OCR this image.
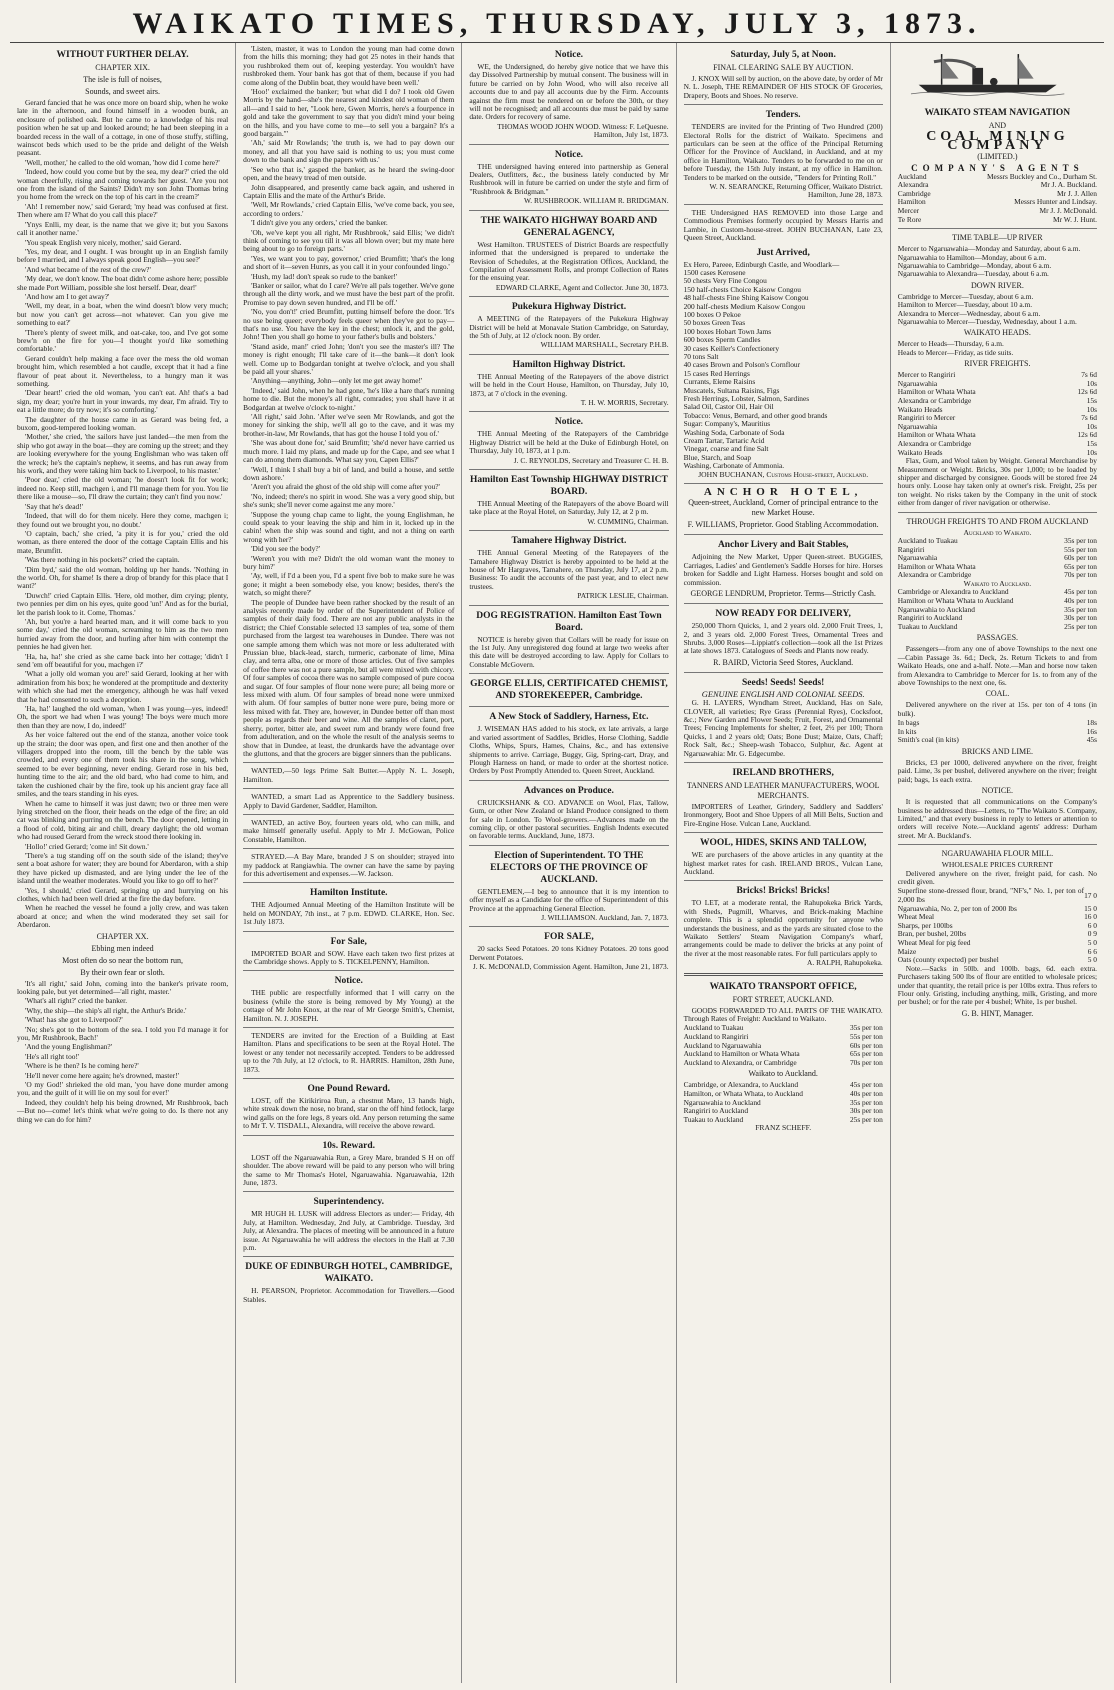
WAIKATO TIMES, THURSDAY, JULY 3, 1873.
WITHOUT FURTHER DELAY.
CHAPTER XIX.
The isle is full of noises,
Sounds, and sweet airs.

Gerard fancied that he was once more on board ship, when he woke late in the afternoon, and found himself in a wooden bunk, an enclosure of polished oak. But he came to a knowledge of his real position when he sat up and looked around; he had been sleeping in a boarded recess in the wall of a cottage, in one of those stuffy, stifling, wainscot beds which used to be the pride and delight of the Welsh peasant.

'Well, mother,' he called to the old woman, 'how did I come here?'

'Indeed, how could you come but by the sea, my dear?' cried the old woman cheerfully, rising and coming towards her guest. 'Are you not one from the island of the Saints? Didn't my son John Thomas bring you home from the wreck on the top of his cart in the cream?'

'Ah! I remember now,' said Gerard; 'my head was confused at first. Then where am I? What do you call this place?'

'Ynys Enlli, my dear, is the name that we give it; but you Saxons call it another name.'

'You speak English very nicely, mother,' said Gerard.

'Yes, my dear, and I ought. I was brought up in an English family before I married, and I always speak good English—you see?'

'And what became of the rest of the crew?'

'My dear, we don't know. The boat didn't come ashore here; possible she made Port William, possible she lost herself. Dear, dear!'

'And how am I to get away?'

'Well, my dear, in a boat, when the wind doesn't blow very much; but now you can't get across—not whatever. Can you give me something to eat?'

'There's plenty of sweet milk, and oat-cake, too, and I've got some brew'n on the fire for you—I thought you'd like something comfortable.'

Gerard couldn't help making a face over the mess the old woman brought him, which resembled a hot caudle, except that it had a fine flavour of peat about it. Nevertheless, to a hungry man it was something.

'Dear heart!' cried the old woman, 'you can't eat. Ah! that's a bad sign, my dear; you're hurt in your inwards, my dear, I'm afraid. Try to eat a little more; do try now; it's so comforting.'

The daughter of the house came in as Gerard was being fed, a buxom, good-tempered looking woman.

'Mother,' she cried, 'the sailors have just landed—the men from the ship who got away in the boat—they are coming up the street; and they are looking everywhere for the young Englishman who was taken off the wreck; he's the captain's nephew, it seems, and has run away from his work, and they were taking him back to Liverpool, to his master.'

'Poor dear,' cried the old woman; 'he doesn't look fit for work; indeed no. Keep still, machgen i, and I'll manage them for you. You lie there like a mouse—so, I'll draw the curtain; they can't find you now.'

'Say that he's dead!'

'Indeed, that will do for them nicely. Here they come, machgen i; they found out we brought you, no doubt.'

'O captain, bach,' she cried, 'a pity it is for you,' cried the old woman, as there entered the door of the cottage Captain Ellis and his mate, Brumfitt.

'Was there nothing in his pockets?' cried the captain.

'Dim byd,' said the old woman, holding up her hands. 'Nothing in the world. Oh, for shame! Is there a drop of brandy for this place that I want?'

'Duwch!' cried Captain Ellis. 'Here, old mother, dim crying; plenty, two pennies per dim on his eyes, quite good 'un!' And as for the burial, let the parish look to it. Come, Thomas.'

'Ah, but you're a hard hearted man, and it will come back to you some day,' cried the old woman, screaming to him as the two men hurried away from the door, and hurling after him with contempt the pennies he had given her.

'Ha, ha, ha!' she cried as she came back into her cottage; 'didn't I send 'em off beautiful for you, machgen i?'

'What a jolly old woman you are!' said Gerard, looking at her with admiration from his box; he wondered at the promptitude and dexterity with which she had met the emergency, although he was half vexed that he had consented to such a deception.

'Ha, ha!' laughed the old woman, 'when I was young—yes, indeed! Oh, the sport we had when I was young! The boys were much more then than they are now, I do, indeed!'

As her voice faltered out the end of the stanza, another voice took up the strain; the door was open, and first one and then another of the villagers dropped into the room, till the bench by the table was crowded, and every one of them took his share in the song, which seemed to be ever beginning, never ending. Gerard rose in his bed, hunting time to the air; and the old bard, who had come to him, and taken the cushioned chair by the fire, took up his ancient gray face all smiles, and the tears standing in his eyes.

When he came to himself it was just dawn; two or three men were lying stretched on the floor, their heads on the edge of the fire; an old cat was blinking and purring on the bench. The door opened, letting in a flood of cold, biting air and chill, dreary daylight; the old woman who had roused Gerard from the wreck stood there looking in.

'Hollo!' cried Gerard; 'come in! Sit down.'

'There's a tug standing off on the south side of the island; they've sent a boat ashore for water; they are bound for Aberdaron, with a ship they have picked up dismasted, and are lying under the lee of the island until the weather moderates. Would you like to go off to her?'

'Yes, I should,' cried Gerard, springing up and hurrying on his clothes, which had been well dried at the fire the day before.

When he reached the vessel he found a jolly crew, and was taken aboard at once; and when the wind moderated they set sail for Aberdaron.

CHAPTER XX.
Ebbing men indeed
Most often do so near the bottom run,
By their own fear or sloth.

'It's all right,' said John, coming into the banker's private room, looking pale, but yet determined—'all right, master.'

'What's all right?' cried the banker.

'Why, the ship—the ship's all right, the Arthur's Bride.'

'What! has she got to Liverpool?'

'No; she's got to the bottom of the sea. I told you I'd manage it for you, Mr Rushbrook, Bach!'

'And the young Englishman?'

'He's all right too!'

'Where is he then? Is he coming here?'

'He'll never come here again; he's drowned, master!'

'O my God!' shrieked the old man, 'you have done murder among you, and the guilt of it will lie on my soul for ever!'

Indeed, they couldn't help his being drowned, Mr Rushbrook, bach—But no—come! let's think what we're going to do. Is there not any thing we can do for him?

'Listen, master, it was to London the young man had come down from the hills this morning; they had got 25 notes in their hands that you rushbroked them out of, keeping yesterday. You wouldn't have rushbroked them. Your bank has got that of them, because if you had come along of the Dublin boat, they would have been well.'

'Hoo!' exclaimed the banker; 'but what did I do? I took old Gwen Morris by the hand—she's the nearest and kindest old woman of them all—and I said to her, "Look here, Gwen Morris, here's a fourpence in gold and take the government to say that you didn't mind your being on the hills, and you have come to me—to sell you a bargain? It's a good bargain."'

'Ah,' said Mr Rowlands; 'the truth is, we had to pay down our money, and all that you have said is nothing to us; you must come down to the bank and sign the papers with us.'

'See who that is,' gasped the banker, as he heard the swing-door open, and the heavy tread of men outside.

John disappeared, and presently came back again, and ushered in Captain Ellis and the mate of the Arthur's Bride.

'Well, Mr Rowlands,' cried Captain Ellis, 'we've come back, you see, according to orders.'

'I didn't give you any orders,' cried the banker.

'Oh, we've kept you all right, Mr Rushbrook,' said Ellis; 'we didn't think of coming to see you till it was all blown over; but my mate here being about to go to foreign parts.'

'Yes, we want you to pay, governor,' cried Brumfitt; 'that's the long and short of it—seven Hunrs, as you call it in your confounded lingo.'

'Hush, my lad! don't speak so rude to the banker!'

'Banker or sailor, what do I care? We're all pals together. We've gone through all the dirty work, and we must have the best part of the profit. Promise to pay down seven hundred, and I'll be off.'

'No, you don't!' cried Brumfitt, putting himself before the door. 'It's no use being queer; everybody feels queer when they've got to pay—that's no use. You have the key in the chest; unlock it, and the gold, John! Then you shall go home to your father's bulls and bolsters.'

'Stand aside, man!' cried John; 'don't you see the master's ill? The money is right enough; I'll take care of it—the bank—it don't look well. Come up to Bodgardan tonight at twelve o'clock, and you shall be paid all your shares.'

'Anything—anything, John—only let me get away home!'

'Indeed,' said John, when he had gone, 'he's like a hare that's running home to die. But the money's all right, comrades; you shall have it at Bodgardan at twelve o'clock to-night.'

'All right,' said John. 'After we've seen Mr Rowlands, and got the money for sinking the ship, we'll all go to the cave, and it was my brother-in-law, Mr Rowlands, that has got the house I told you of.'

'She was about done for,' said Brumfitt; 'she'd never have carried us much more. I laid my plans, and made up for the Cape, and see what I can do among them diamonds. What say you, Capen Ellis?'

'Well, I think I shall buy a bit of land, and build a house, and settle down ashore.'

'Aren't you afraid the ghost of the old ship will come after you?'

'No, indeed; there's no spirit in wood. She was a very good ship, but she's sunk; she'll never come against me any more.'

'Suppose the young chap came to light, the young Englishman, he could speak to your leaving the ship and him in it, locked up in the cabin! when the ship was sound and tight, and not a thing on earth wrong with her?'

'Did you see the body?'

'Weren't you with me? Didn't the old woman want the money to bury him?'

'Ay, well, if I'd a been you, I'd a spent five bob to make sure he was gone; it might a been somebody else, you know; besides, there's the watch, so might there?'

The people of Dundee have been rather shocked by the result of an analysis recently made by order of the Superintendent of Police of samples of their daily food. There are not any public analysts in the district; the Chief Constable selected 13 samples of tea, some of them purchased from the largest tea warehouses in Dundee. There was not one sample among them which was not more or less adulterated with Prussian blue, black-lead, starch, turmeric, carbonate of lime, Mina clay, and terra alba, one or more of those articles. Out of five samples of coffee there was not a pure sample, but all were mixed with chicory. Of four samples of cocoa there was no sample composed of pure cocoa and sugar. Of four samples of flour none were pure; all being more or less mixed with alum. Of four samples of bread none were unmixed with alum. Of four samples of butter none were pure, being more or less mixed with fat. They are, however, in Dundee better off than most people as regards their beer and wine. All the samples of claret, port, sherry, porter, bitter ale, and sweet rum and brandy were found free from adulteration, and on the whole the result of the analysis seems to show that in Dundee, at least, the drunkards have the advantage over the gluttons, and that the grocers are bigger sinners than the publicans.

WANTED,—50 legs Prime Salt Butter.—Apply N. L. Joseph, Hamilton.

WANTED, a smart Lad as Apprentice to the Saddlery business. Apply to David Gardener, Saddler, Hamilton.

WANTED, an active Boy, fourteen years old, who can milk, and make himself generally useful. Apply to Mr J. McGowan, Police Constable, Hamilton.

STRAYED.—A Bay Mare, branded J S on shoulder; strayed into my paddock at Rangiawhia. The owner can have the same by paying for this advertisement and expenses.—W. Jackson.

Hamilton Institute.

THE Adjourned Annual Meeting of the Hamilton Institute will be held on MONDAY, 7th inst., at 7 p.m. EDWD. CLARKE, Hon. Sec. 1st July 1873.

For Sale,

IMPORTED BOAR and SOW. Have each taken two first prizes at the Cambridge shows. Apply to S. TICKELPENNY, Hamilton.

Notice.

THE public are respectfully informed that I will carry on the business (while the store is being removed by My Young) at the cottage of Mr John Knox, at the rear of Mr George Smith's, Chemist, Hamilton. N. J. JOSEPH.

TENDERS are invited for the Erection of a Building at East Hamilton. Plans and specifications to be seen at the Royal Hotel. The lowest or any tender not necessarily accepted. Tenders to be addressed up to the 7th July, at 12 o'clock, to R. HARRIS. Hamilton, 28th June, 1873.

One Pound Reward.

LOST, off the Kirikiriroa Run, a chestnut Mare, 13 hands high, white streak down the nose, no brand, star on the off hind fetlock, large wind galls on the fore legs, 8 years old. Any person returning the same to Mr T. V. TISDALL, Alexandra, will receive the above reward.

10s. Reward.

LOST off the Ngaruawahia Run, a Grey Mare, branded S H on off shoulder. The above reward will be paid to any person who will bring the same to Mr Thomas's Hotel, Ngaruawahia. Ngaruawahia, 12th June, 1873.

Superintendency.

MR HUGH H. LUSK will address Electors as under:— Friday, 4th July, at Hamilton. Wednesday, 2nd July, at Cambridge. Tuesday, 3rd July, at Alexandra. The places of meeting will be announced in a future issue. At Ngaruawahia he will address the electors in the Hall at 7.30 p.m.

DUKE OF EDINBURGH HOTEL, CAMBRIDGE, WAIKATO.

H. PEARSON, Proprietor. Accommodation for Travellers.—Good Stables.

Notice.

WE, the Undersigned, do hereby give notice that we have this day Dissolved Partnership by mutual consent. The business will in future be carried on by John Wood, who will also receive all accounts due to and pay all accounts due by the Firm. Accounts against the firm must be rendered on or before the 30th, or they will not be recognised; and all accounts due must be paid by same date. Orders for recovery of same.

THOMAS WOOD JOHN WOOD. Witness: F. LeQuesne. Hamilton, July 1st, 1873.
Notice.

THE undersigned having entered into partnership as General Dealers, Outfitters, &c., the business lately conducted by Mr Rushbrook will in future be carried on under the style and firm of "Rushbrook & Bridgman."

W. RUSHBROOK. WILLIAM R. BRIDGMAN.
THE WAIKATO HIGHWAY BOARD AND GENERAL AGENCY,

West Hamilton. TRUSTEES of District Boards are respectfully informed that the undersigned is prepared to undertake the Revision of Schedules, at the Registration Offices, Auckland, the Compilation of Assessment Rolls, and prompt Collection of Rates for the ensuing year.

EDWARD CLARKE, Agent and Collector. June 30, 1873.
Pukekura Highway District.

A MEETING of the Ratepayers of the Pukekura Highway District will be held at Monavale Station Cambridge, on Saturday, the 5th of July, at 12 o'clock noon. By order.

WILLIAM MARSHALL, Secretary P.H.B.
Hamilton Highway District.

THE Annual Meeting of the Ratepayers of the above district will be held in the Court House, Hamilton, on Thursday, July 10, 1873, at 7 o'clock in the evening.

T. H. W. MORRIS, Secretary.
Notice.

THE Annual Meeting of the Ratepayers of the Cambridge Highway District will be held at the Duke of Edinburgh Hotel, on Thursday, July 10, 1873, at 1 p.m.

J. C. REYNOLDS, Secretary and Treasurer C. H. B.
Hamilton East Township HIGHWAY DISTRICT BOARD.

THE Annual Meeting of the Ratepayers of the above Board will take place at the Royal Hotel, on Saturday, July 12, at 2 p m.

W. CUMMING, Chairman.
Tamahere Highway District.

THE Annual General Meeting of the Ratepayers of the Tamahere Highway District is hereby appointed to be held at the house of Mr Hargraves, Tamahere, on Thursday, July 17, at 2 p.m. Business: To audit the accounts of the past year, and to elect new trustees.

PATRICK LESLIE, Chairman.
DOG REGISTRATION. Hamilton East Town Board.

NOTICE is hereby given that Collars will be ready for issue on the 1st July. Any unregistered dog found at large two weeks after this date will be destroyed according to law. Apply for Collars to Constable McGovern.

GEORGE ELLIS, CERTIFICATED CHEMIST, AND STOREKEEPER, Cambridge.
A New Stock of Saddlery, Harness, Etc.

J. WISEMAN HAS added to his stock, ex late arrivals, a large and varied assortment of Saddles, Bridles, Horse Clothing, Saddle Cloths, Whips, Spurs, Hames, Chains, &c., and has extensive shipments to arrive. Carriage, Buggy, Gig, Spring-cart, Dray, and Plough Harness on hand, or made to order at the shortest notice. Orders by Post Promptly Attended to. Queen Street, Auckland.

Advances on Produce.

CRUICKSHANK & CO. ADVANCE on Wool, Flax, Tallow, Gum, or other New Zealand or Island Produce consigned to them for sale in London. To Wool-growers.—Advances made on the coming clip, or other pastoral securities. English Indents executed on favorable terms. Auckland, June, 1873.

Election of Superintendent. TO THE ELECTORS OF THE PROVINCE OF AUCKLAND.

GENTLEMEN,—I beg to announce that it is my intention to offer myself as a Candidate for the office of Superintendent of this Province at the approaching General Election.

J. WILLIAMSON. Auckland, Jan. 7, 1873.
FOR SALE,

20 sacks Seed Potatoes. 20 tons Kidney Potatoes. 20 tons good Derwent Potatoes.

J. K. McDONALD, Commission Agent. Hamilton, June 21, 1873.
Saturday, July 5, at Noon.
FINAL CLEARING SALE BY AUCTION.

J. KNOX Will sell by auction, on the above date, by order of Mr N. L. Joseph, THE REMAINDER OF HIS STOCK OF Groceries, Drapery, Boots and Shoes. No reserve.

Tenders.

TENDERS are invited for the Printing of Two Hundred (200) Electoral Rolls for the district of Waikato. Specimens and particulars can be seen at the office of the Principal Returning Officer for the Province of Auckland, in Auckland, and at my office in Hamilton, Waikato. Tenders to be forwarded to me on or before Tuesday, the 15th July instant, at my office in Hamilton. Tenders to be marked on the outside, "Tenders for Printing Roll."

W. N. SEARANCKE, Returning Officer, Waikato District. Hamilton, June 28, 1873.

THE Undersigned HAS REMOVED into those Large and Commodious Premises formerly occupied by Messrs Harris and Lambie, in Custom-house-street. JOHN BUCHANAN, Late 23, Queen Street, Auckland.

Just Arrived,
Ex Hero, Pareee, Edinburgh Castle, and Woodlark—
1500 cases Kerosene
50 chests Very Fine Congou
150 half-chests Choice Kaisow Congou
48 half-chests Fine Shing Kaisow Congou
200 half-chests Medium Kaisow Congou
100 boxes O Pekoe
50 boxes Green Teas
100 boxes Hobart Town Jams
600 boxes Sperm Candles
30 cases Keiller's Confectionery
70 tons Salt
40 cases Brown and Polson's Cornflour
15 cases Red Herrings
Currants, Eleme Raisins
Muscatels, Sultana Raisins, Figs
Fresh Herrings, Lobster, Salmon, Sardines
Salad Oil, Castor Oil, Hair Oil
Tobacco: Venus, Bernard, and other good brands
Sugar: Company's, Mauritius
Washing Soda, Carbonate of Soda
Cream Tartar, Tartaric Acid
Vinegar, coarse and fine Salt
Blue, Starch, and Soap
Washing, Carbonate of Ammonia.
JOHN BUCHANAN, Customs House-street, Auckland.
ANCHOR HOTEL,
Queen-street, Auckland, Corner of principal entrance to the new Market House.
F. WILLIAMS, Proprietor. Good Stabling Accommodation.
Anchor Livery and Bait Stables,

Adjoining the New Market, Upper Queen-street. BUGGIES, Carriages, Ladies' and Gentlemen's Saddle Horses for hire. Horses broken for Saddle and Light Harness. Horses bought and sold on commission.

GEORGE LENDRUM, Proprietor. Terms—Strictly Cash.
NOW READY FOR DELIVERY,

250,000 Thorn Quicks, 1, and 2 years old. 2,000 Fruit Trees, 1, 2, and 3 years old. 2,000 Forest Trees, Ornamental Trees and Shrubs. 3,000 Roses—Lippiatt's collection—took all the 1st Prizes at late shows 1873. Catalogues of Seeds and Plants now ready.

R. BAIRD, Victoria Seed Stores, Auckland.
Seeds! Seeds! Seeds!
GENUINE ENGLISH AND COLONIAL SEEDS.

G. H. LAYERS, Wyndham Street, Auckland, Has on Sale, CLOVER, all varieties; Rye Grass (Perennial Ryes), Cocksfoot, &c.; New Garden and Flower Seeds; Fruit, Forest, and Ornamental Trees; Fencing Implements for shelter, 2 feet, 2½ per 100; Thorn Quicks, 1 and 2 years old; Oats; Bone Dust; Maize, Oats, Chaff; Rock Salt, &c.; Sheep-wash Tobacco, Sulphur, &c. Agent at Ngaruawahia: Mr. G. Edgecumbe.

IRELAND BROTHERS,
TANNERS AND LEATHER MANUFACTURERS, WOOL MERCHANTS.

IMPORTERS of Leather, Grindery, Saddlery and Saddlers' Ironmongery, Boot and Shoe Uppers of all Mill Belts, Suction and Fire-Engine Hose. Vulcan Lane, Auckland.

WOOL, HIDES, SKINS AND TALLOW,

WE are purchasers of the above articles in any quantity at the highest market rates for cash. IRELAND BROS., Vulcan Lane, Auckland.

Bricks! Bricks! Bricks!

TO LET, at a moderate rental, the Rahupokeka Brick Yards, with Sheds, Pugmill, Wharves, and Brick-making Machine complete. This is a splendid opportunity for anyone who understands the business, and as the yards are situated close to the Waikato Settlers' Steam Navigation Company's wharf, arrangements could be made to deliver the bricks at any point of the river at the most reasonable rates. For full particulars apply to

A. RALPH, Rahupokeka.
WAIKATO TRANSPORT OFFICE,
FORT STREET, AUCKLAND.

GOODS FORWARDED TO ALL PARTS OF THE WAIKATO. Through Rates of Freight: Auckland to Waikato.

Auckland to Tuakau	35s per ton
Auckland to Rangiriri	55s per ton
Auckland to Ngaruawahia	60s per ton
Auckland to Hamilton or Whata Whata	65s per ton
Auckland to Alexandra, or Cambridge	70s per ton
Waikato to Auckland.
Cambridge, or Alexandra, to Auckland	45s per ton
Hamilton, or Whata Whata, to Auckland	40s per ton
Ngaruawahia to Auckland	35s per ton
Rangiriri to Auckland	30s per ton
Tuakau to Auckland	25s per ton
FRANZ SCHEFF.
WAIKATO STEAM NAVIGATION
AND
COAL MINING COMPANY
(LIMITED.)
COMPANY'S AGENTS
Auckland	Messrs Buckley and Co., Durham St.
Alexandra	Mr J. A. Buckland.
Cambridge	Mr J. J. Allen
Hamilton	Messrs Hunter and Lindsay.
Mercer	Mr J. J. McDonald.
Te Rore	Mr W. J. Hunt.
TIME TABLE—UP RIVER
Mercer to Ngaruawahia—Monday and Saturday, about 6 a.m.
Ngaruawahia to Hamilton—Monday, about 6 a.m.
Ngaruawahia to Cambridge—Monday, about 6 a.m.
Ngaruawahia to Alexandra—Tuesday, about 6 a.m.
DOWN RIVER.
Cambridge to Mercer—Tuesday, about 6 a.m.
Hamilton to Mercer—Tuesday, about 10 a.m.
Alexandra to Mercer—Wednesday, about 6 a.m.
Ngaruawahia to Mercer—Tuesday, Wednesday, about 1 a.m.
WAIKATO HEADS.
Mercer to Heads—Thursday, 6 a.m.
Heads to Mercer—Friday, as tide suits.
RIVER FREIGHTS.
Mercer to Rangiriri	7s 6d
Ngaruawahia	10s
Hamilton or Whata Whata	12s 6d
Alexandra or Cambridge	15s
Waikato Heads	10s
Rangiriri to Mercer	7s 6d
Ngaruawahia	10s
Hamilton or Whata Whata	12s 6d
Alexandra or Cambridge	15s
Waikato Heads	10s

Flax, Gum, and Wool taken by Weight. General Merchandise by Measurement or Weight. Bricks, 30s per 1,000; to be loaded by shipper and discharged by consignee. Goods will be stored free 24 hours only. Loose hay taken only at owner's risk. Freight, 25s per ton weight. No risks taken by the Company in the unit of stock either from danger of river navigation or otherwise.

THROUGH FREIGHTS TO AND FROM AUCKLAND
Auckland to Waikato.
Auckland to Tuakau	35s per ton
Rangiriri	55s per ton
Ngaruawahia	60s per ton
Hamilton or Whata Whata	65s per ton
Alexandra or Cambridge	70s per ton
Waikato to Auckland.
Cambridge or Alexandra to Auckland	45s per ton
Hamilton or Whata Whata to Auckland	40s per ton
Ngaruawahia to Auckland	35s per ton
Rangiriri to Auckland	30s per ton
Tuakau to Auckland	25s per ton
PASSAGES.

Passengers—from any one of above Townships to the next one—Cabin Passage 3s. 6d.; Deck, 2s. Return Tickets to and from Waikato Heads, one and a-half. Note.—Man and horse now taken from Alexandra to Cambridge to Mercer for 1s. to from any of the above Townships to the next one, 6s.

COAL.

Delivered anywhere on the river at 15s. per ton of 4 tons (in bulk).

In bags	18s
In kits	16s
Smith's coal (in kits)	45s
BRICKS AND LIME.

Bricks, £3 per 1000, delivered anywhere on the river, freight paid. Lime, 3s per bushel, delivered anywhere on the river; freight paid; bags, 1s each extra.

NOTICE.

It is requested that all communications on the Company's business be addressed thus—Letters, to "The Waikato S. Company, Limited," and that every business in reply to letters or attention to orders will receive Note.—Auckland agents' address: Durham street. Mr A. Buckland's.

NGARUAWAHIA FLOUR MILL.
WHOLESALE PRICES CURRENT

Delivered anywhere on the river, freight paid, for cash. No credit given.

Superfine stone-dressed flour, brand, "NF's," No. 1, per ton of 2,000 lbs	17 0
Ngaruawahia, No. 2, per ton of 2000 lbs	15 0
Wheat Meal	16 0
Sharps, per 100lbs	6 0
Bran, per bushel, 20lbs	0 9
Wheat Meal for pig feed	5 0
Maize	6 6
Oats (county expected) per bushel	5 0

Note.—Sacks in 50lb. and 100lb. bags, 6d. each extra. Purchasers taking 500 lbs of flour are entitled to wholesale prices; under that quantity, the retail price is per 10lbs extra. Thus refers to Flour only. Gristing, including anything, milk, Gristing, and more per bushel; or for the rate per 4 bushel; White, 1s per bushel.

G. B. HINT, Manager.
